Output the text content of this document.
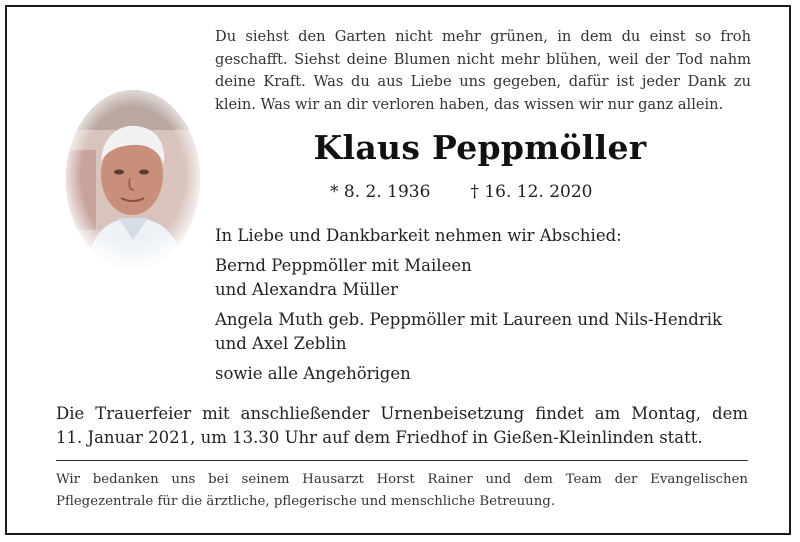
Du siehst den Garten nicht mehr grünen, in dem du einst so froh
geschafft. Siehst deine Blumen nicht mehr blühen, weil der Tod nahm
deine Kraft. Was du aus Liebe uns gegeben, dafür ist jeder Dank zu
klein. Was wir an dir verloren haben, das wissen wir nur ganz allein.
Klaus Peppmöller
* 8. 2. 1936 † 16. 12. 2020
In Liebe und Dankbarkeit nehmen wir Abschied:
Bernd Peppmöller mit Maileen
und Alexandra Müller
Angela Muth geb. Peppmöller mit Laureen und Nils-Hendrik
und Axel Zeblin
sowie alle Angehörigen
Die Trauerfeier mit anschließender Urnenbeisetzung findet am Montag, dem
11. Januar 2021, um 13.30 Uhr auf dem Friedhof in Gießen-Kleinlinden statt.
Wir bedanken uns bei seinem Hausarzt Horst Rainer und dem Team der Evangelischen
Pflegezentrale für die ärztliche, pflegerische und menschliche Betreuung.
